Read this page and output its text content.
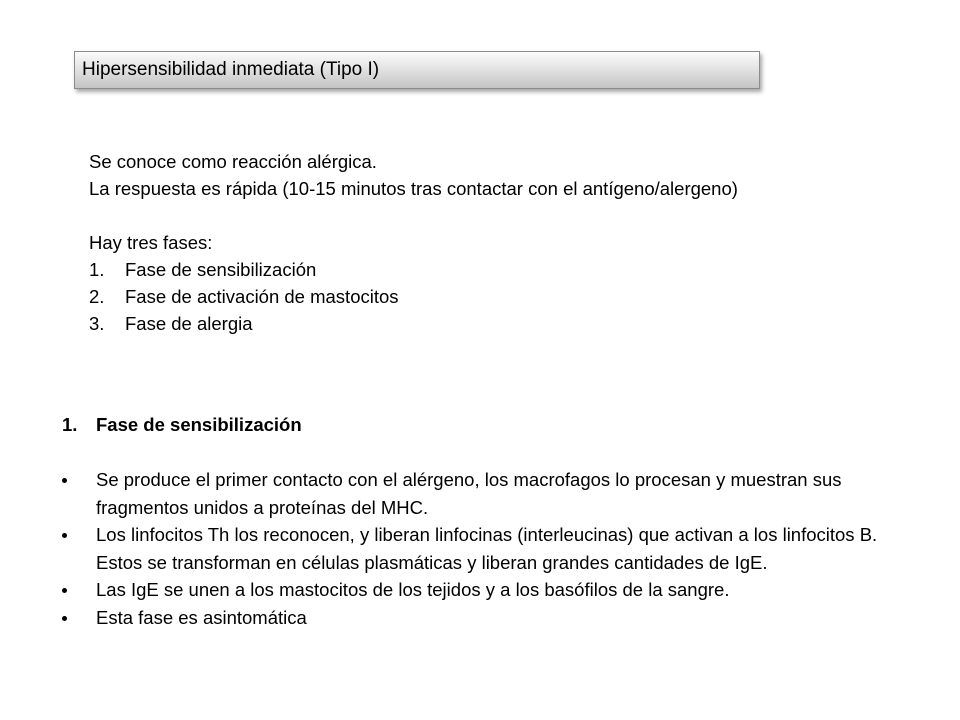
Hipersensibilidad inmediata (Tipo I)

Se conoce como reacción alérgica.

La respuesta es rápida (10-15 minutos tras contactar con el antígeno/alergeno)

Hay tres fases:

1.	Fase de sensibilización
2.	Fase de activación de mastocitos
3.	Fase de alergia

1.	Fase de sensibilización

Se produce el primer contacto con el alérgeno, los macrofagos lo procesan y muestran sus fragmentos unidos a proteínas del MHC.
Los linfocitos Th los reconocen, y liberan linfocinas (interleucinas) que activan a los linfocitos B. Estos se transforman en células plasmáticas y liberan grandes cantidades de IgE.
Las IgE se unen a los mastocitos de los tejidos y a los basófilos de la sangre.
Esta fase es asintomática
